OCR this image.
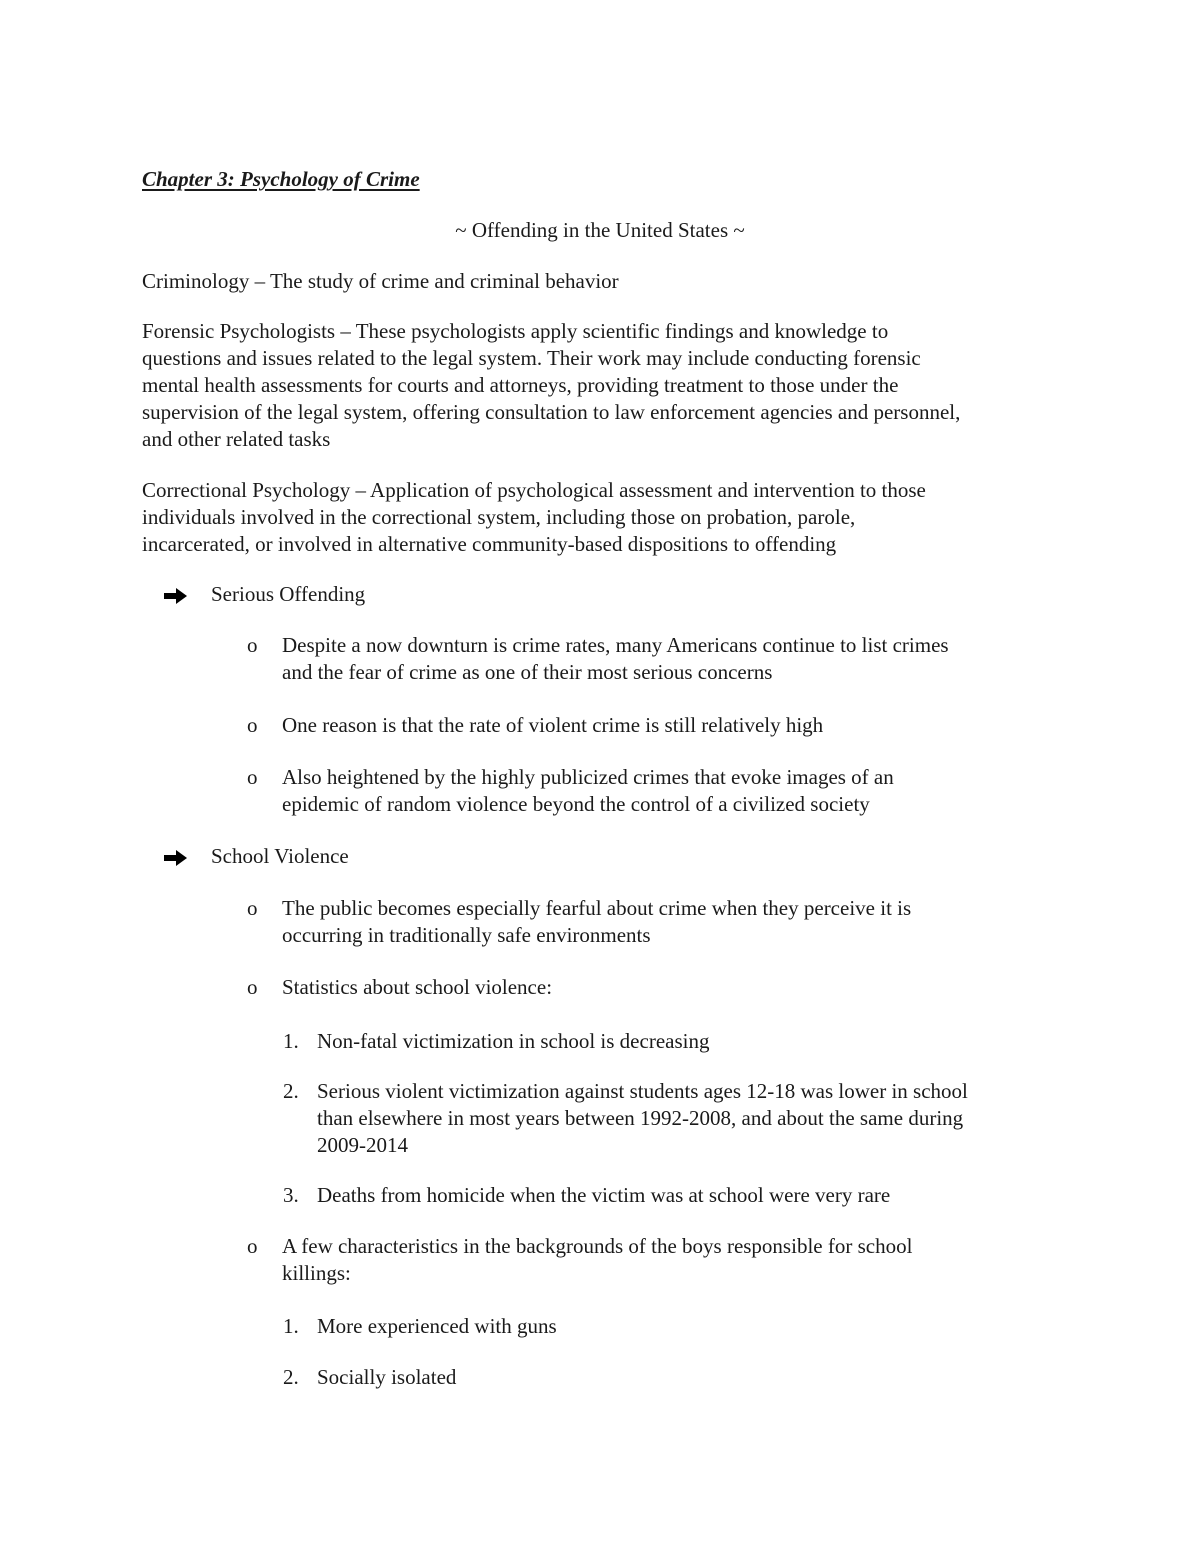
Chapter 3: Psychology of Crime
~ Offending in the United States ~
Criminology – The study of crime and criminal behavior
Forensic Psychologists – These psychologists apply scientific findings and knowledge to
questions and issues related to the legal system. Their work may include conducting forensic
mental health assessments for courts and attorneys, providing treatment to those under the
supervision of the legal system, offering consultation to law enforcement agencies and personnel,
and other related tasks
Correctional Psychology – Application of psychological assessment and intervention to those
individuals involved in the correctional system, including those on probation, parole,
incarcerated, or involved in alternative community-based dispositions to offending
Serious Offending
o Despite a now downturn is crime rates, many Americans continue to list crimes
and the fear of crime as one of their most serious concerns
o One reason is that the rate of violent crime is still relatively high
o Also heightened by the highly publicized crimes that evoke images of an
epidemic of random violence beyond the control of a civilized society
School Violence
o The public becomes especially fearful about crime when they perceive it is
occurring in traditionally safe environments
o Statistics about school violence:
1. Non-fatal victimization in school is decreasing
2. Serious violent victimization against students ages 12-18 was lower in school
than elsewhere in most years between 1992-2008, and about the same during
2009-2014
3. Deaths from homicide when the victim was at school were very rare
o A few characteristics in the backgrounds of the boys responsible for school
killings:
1. More experienced with guns
2. Socially isolated
